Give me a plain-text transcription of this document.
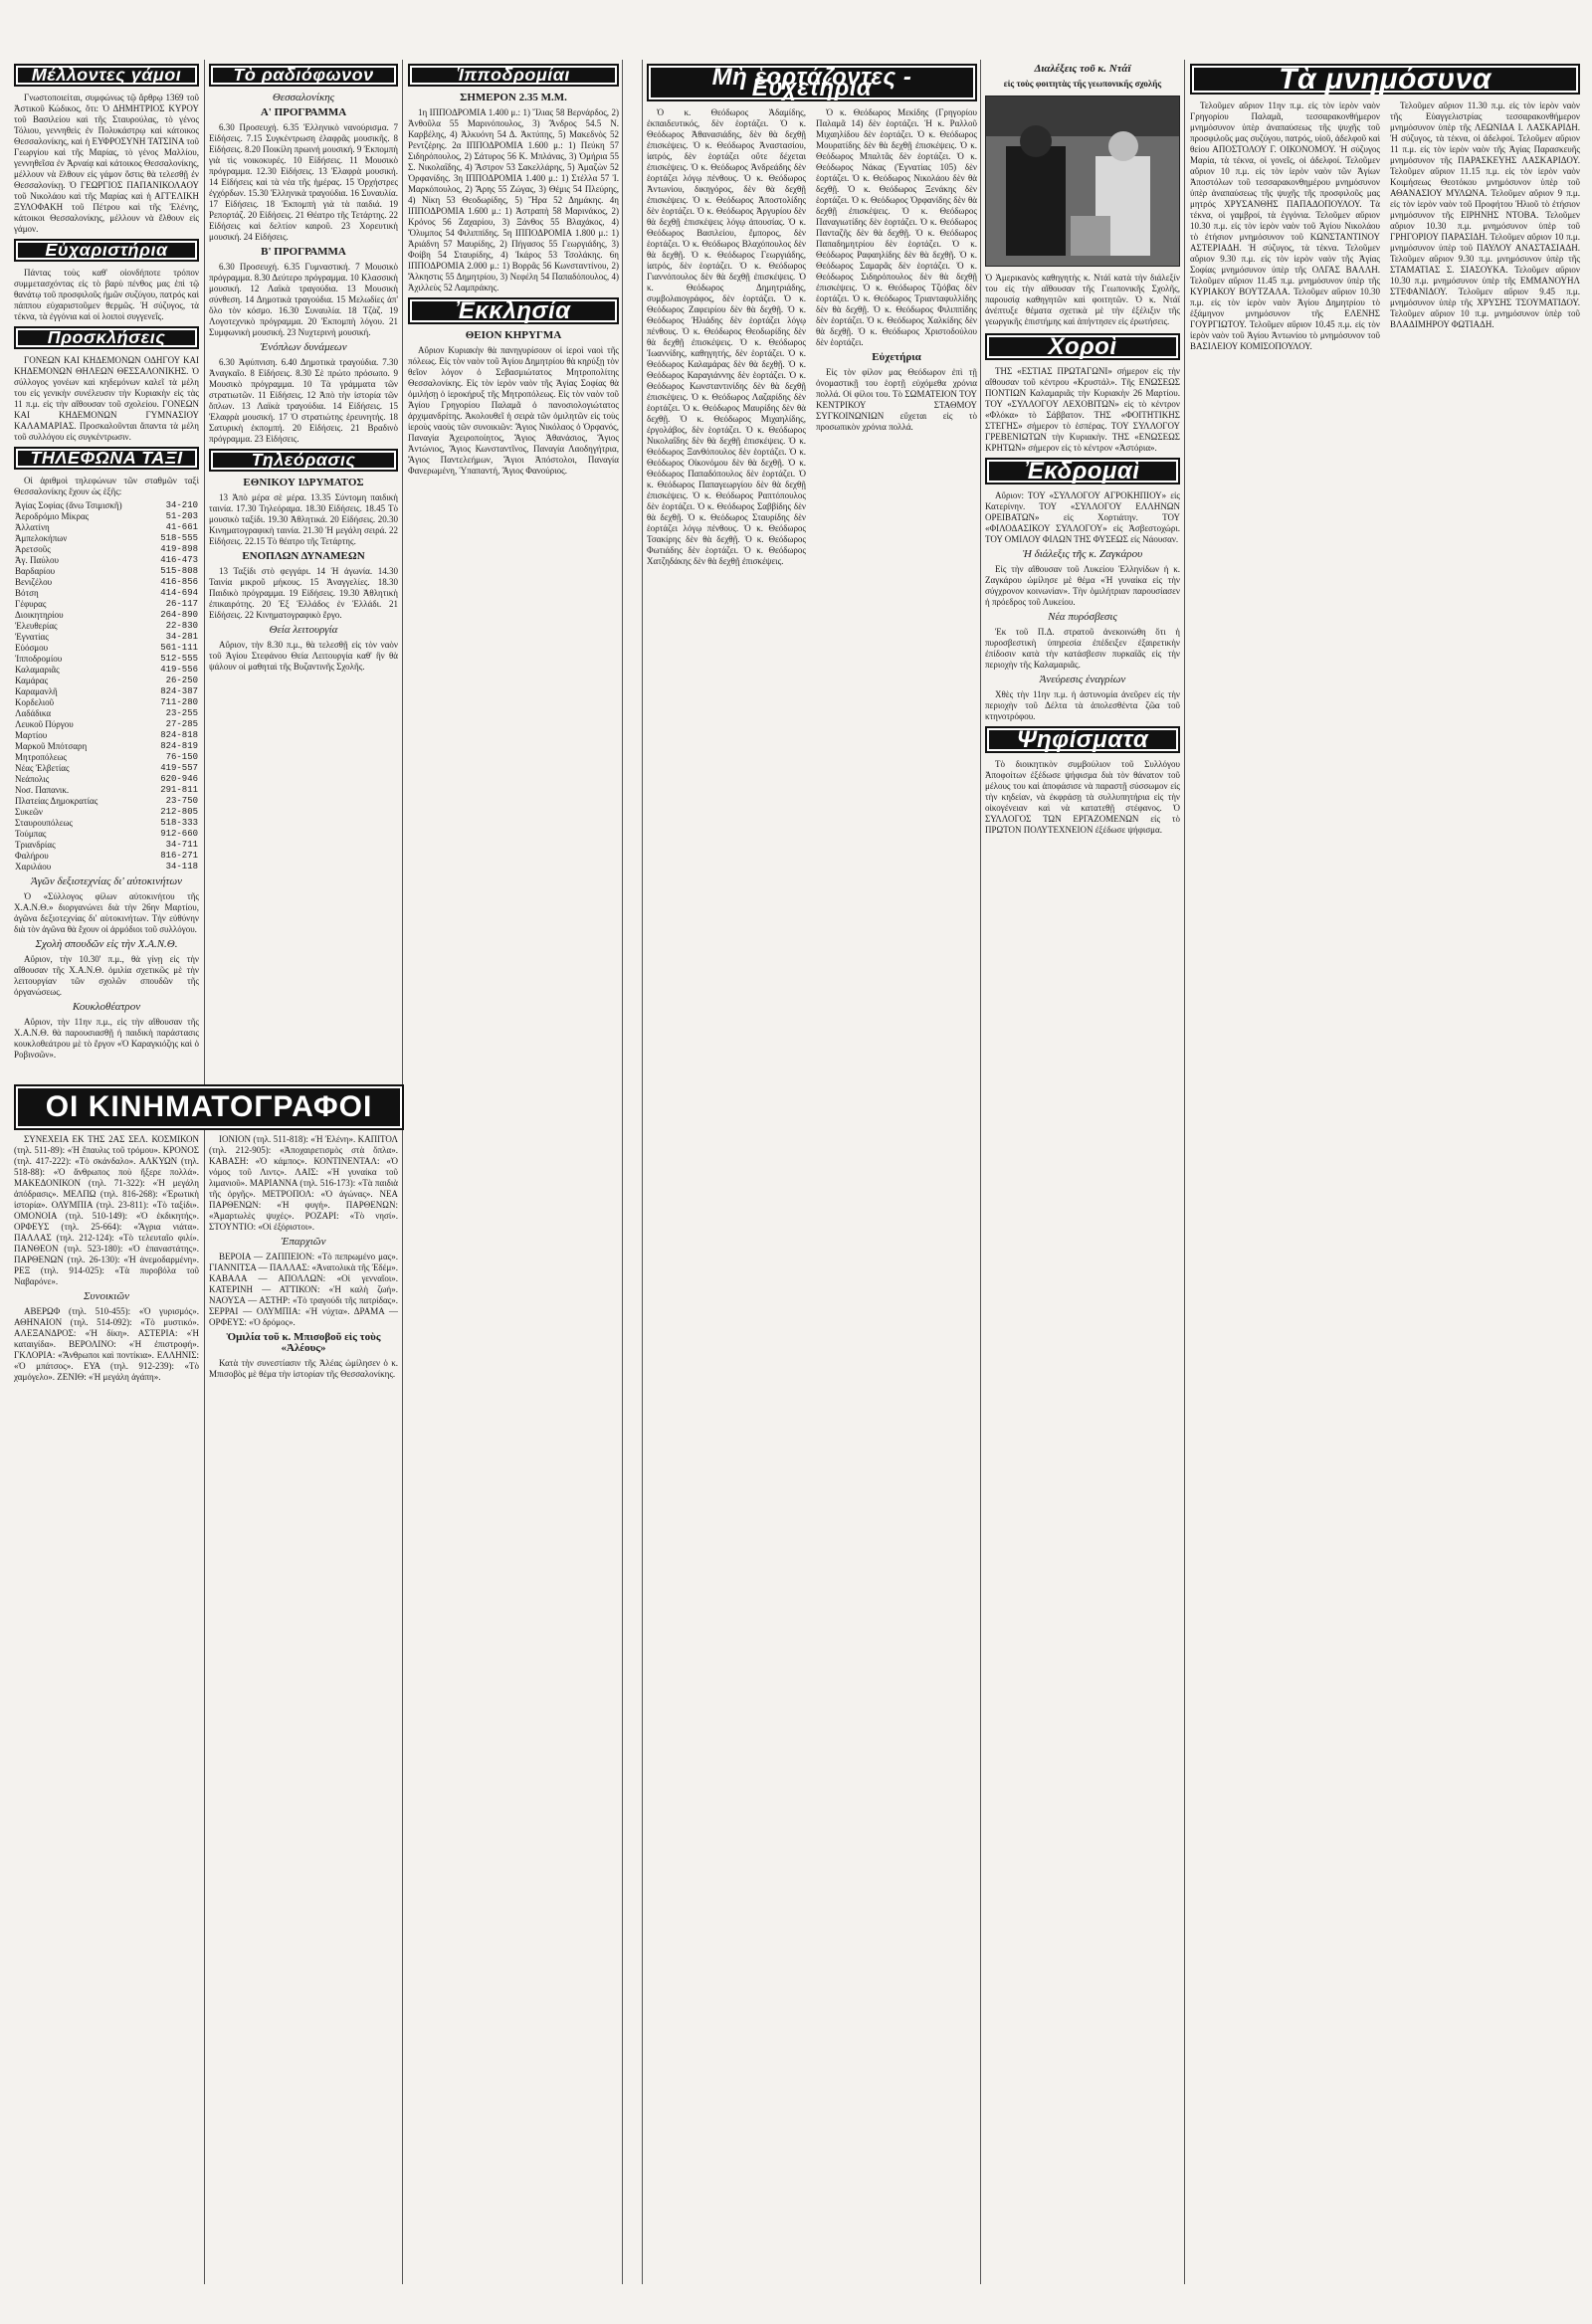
Μέλλοντες γάμοι
Γνωστοποιείται, συμφώνως τῷ ἄρθρῳ 1369 τοῦ Ἀστικοῦ Κώδικος, ὅτι: Ὁ ΔΗΜΗΤΡΙΟΣ ΚΥΡΟΥ τοῦ Βασιλείου καὶ τῆς Σταυρούλας, τὸ γένος Τόλιου, γεννηθεὶς ἐν Πολυκάστρῳ καὶ κάτοικος Θεσσαλονίκης, καὶ ἡ ΕΥΦΡΟΣΥΝΗ ΤΑΤΣΙΝΑ τοῦ Γεωργίου καὶ τῆς Μαρίας, τὸ γένος Μαλλίου, γεννηθεῖσα ἐν Ἀρναίᾳ καὶ κάτοικος Θεσσαλονίκης, μέλλουν νὰ ἔλθουν εἰς γάμον ὅστις θὰ τελεσθῇ ἐν Θεσσαλονίκῃ. Ὁ ΓΕΩΡΓΙΟΣ ΠΑΠΑΝΙΚΟΛΑΟΥ τοῦ Νικολάου καὶ τῆς Μαρίας καὶ ἡ ΑΓΓΕΛΙΚΗ ΞΥΛΟΦΑΚΗ τοῦ Πέτρου καὶ τῆς Ἐλένης, κάτοικοι Θεσσαλονίκης, μέλλουν νὰ ἔλθουν εἰς γάμον.
Εὐχαριστήρια
Πάντας τοὺς καθ' οἱονδήποτε τρόπον συμμετασχόντας εἰς τὸ βαρὺ πένθος μας ἐπὶ τῷ θανάτῳ τοῦ προσφιλοῦς ἡμῶν συζύγου, πατρός καὶ πάππου εὐχαριστοῦμεν θερμῶς. Ἡ σύζυγος, τὰ τέκνα, τὰ ἐγγόνια καὶ οἱ λοιποὶ συγγενεῖς.
Προσκλήσεις
ΓΟΝΕΩΝ ΚΑΙ ΚΗΔΕΜΟΝΩΝ ΟΔΗΓΟΥ ΚΑΙ ΚΗΔΕΜΟΝΩΝ ΘΗΛΕΩΝ ΘΕΣΣΑΛΟΝΙΚΗΣ. Ὁ σύλλογος γονέων καὶ κηδεμόνων καλεῖ τὰ μέλη του εἰς γενικὴν συνέλευσιν τὴν Κυριακὴν εἰς τὰς 11 π.μ. εἰς τὴν αἴθουσαν τοῦ σχολείου. ΓΟΝΕΩΝ ΚΑΙ ΚΗΔΕΜΟΝΩΝ ΓΥΜΝΑΣΙΟΥ ΚΑΛΑΜΑΡΙΑΣ. Προσκαλοῦνται ἅπαντα τὰ μέλη τοῦ συλλόγου εἰς συγκέντρωσιν.
ΤΗΛΕΦΩΝΑ ΤΑΞΙ
Οἱ ἀριθμοὶ τηλεφώνων τῶν σταθμῶν ταξὶ Θεσσαλονίκης ἔχουν ὡς ἑξῆς:
Ἁγίας Σοφίας (ἄνω Τσιμισκῆ)	34-210
Ἀεροδρόμιο Μίκρας	51-203
Ἀλλατίνη	41-661
Ἀμπελοκήπων	518-555
Ἀρετσοῦς	419-898
Ἁγ. Παύλου	416-473
Βαρδαρίου	515-808
Βενιζέλου	416-856
Βότση	414-694
Γέφυρας	26-117
Διοικητηρίου	264-890
Ἑλευθερίας	22-830
Ἐγνατίας	34-281
Εὐόσμου	561-111
Ἰπποδρομίου	512-555
Καλαμαριᾶς	419-556
Καμάρας	26-250
Καραμανλῆ	824-387
Κορδελιοῦ	711-280
Λαδάδικα	23-255
Λευκοῦ Πύργου	27-285
Μαρτίου	824-818
Μαρκοῦ Μπότσαρη	824-819
Μητροπόλεως	76-150
Νέας Ἐλβετίας	419-557
Νεάπολις	620-946
Νοσ. Παπανικ.	291-811
Πλατείας Δημοκρατίας	23-750
Συκεῶν	212-805
Σταυρουπόλεως	518-333
Τούμπας	912-660
Τριανδρίας	34-711
Φαλήρου	816-271
Χαριλάου	34-118
Ἀγῶν δεξιοτεχνίας δι' αὐτοκινήτων
Ὁ «Σύλλογος φίλων αὐτοκινήτου τῆς Χ.Α.Ν.Θ.» διοργανώνει διὰ τὴν 26ην Μαρτίου, ἀγῶνα δεξιοτεχνίας δι' αὐτοκινήτων. Τὴν εὐθύνην διὰ τὸν ἀγῶνα θὰ ἔχουν οἱ ἀρμόδιοι τοῦ συλλόγου.
Σχολὴ σπουδῶν εἰς τὴν Χ.Α.Ν.Θ.
Αὔριον, τὴν 10.30' π.μ., θὰ γίνῃ εἰς τὴν αἴθουσαν τῆς Χ.Α.Ν.Θ. ὁμιλία σχετικῶς μὲ τὴν λειτουργίαν τῶν σχολῶν σπουδῶν τῆς ὀργανώσεως.
Κουκλοθέατρον
Αὔριον, τὴν 11ην π.μ., εἰς τὴν αἴθουσαν τῆς Χ.Α.Ν.Θ. θὰ παρουσιασθῇ ἡ παιδικὴ παράστασις κουκλοθεάτρου μὲ τὸ ἔργον «Ὁ Καραγκιόζης καὶ ὁ Ροβινσῶν».
Τὸ ραδιόφωνον
Θεσσαλονίκης
Α' ΠΡΟΓΡΑΜΜΑ
6.30 Προσευχή. 6.35 Ἑλληνικὸ νανούρισμα. 7 Εἰδήσεις. 7.15 Συγκέντρωση ἐλαφρᾶς μουσικῆς. 8 Εἰδήσεις. 8.20 Ποικίλη πρωινή μουσική. 9 Ἐκπομπὴ γιὰ τὶς νοικοκυρές. 10 Εἰδήσεις. 11 Μουσικὸ πρόγραμμα. 12.30 Εἰδήσεις. 13 Ἐλαφρὰ μουσική. 14 Εἰδήσεις καὶ τὰ νέα τῆς ἡμέρας. 15 Ὀρχήστρες ἐγχόρδων. 15.30 Ἑλληνικὰ τραγούδια. 16 Συναυλία. 17 Εἰδήσεις. 18 Ἐκπομπὴ γιὰ τὰ παιδιά. 19 Ρεπορτάζ. 20 Εἰδήσεις. 21 Θέατρο τῆς Τετάρτης. 22 Εἰδήσεις καὶ δελτίον καιροῦ. 23 Χορευτικὴ μουσική. 24 Εἰδήσεις.
Β' ΠΡΟΓΡΑΜΜΑ
6.30 Προσευχή. 6.35 Γυμναστική. 7 Μουσικὸ πρόγραμμα. 8.30 Δεύτερο πρόγραμμα. 10 Κλασσικὴ μουσική. 12 Λαϊκὰ τραγούδια. 13 Μουσικὴ σύνθεση. 14 Δημοτικὰ τραγούδια. 15 Μελωδίες ἀπ' ὅλο τὸν κόσμο. 16.30 Συναυλία. 18 Τζὰζ. 19 Λογοτεχνικὸ πρόγραμμα. 20 Ἐκπομπὴ λόγου. 21 Συμφωνικὴ μουσική. 23 Νυχτερινὴ μουσική.
Ἐνόπλων δυνάμεων
6.30 Ἀφύπνιση. 6.40 Δημοτικὰ τραγούδια. 7.30 Ἀναγκαῖο. 8 Εἰδήσεις. 8.30 Σὲ πρώτο πρόσωπο. 9 Μουσικὸ πρόγραμμα. 10 Τὰ γράμματα τῶν στρατιωτῶν. 11 Εἰδήσεις. 12 Ἀπὸ τὴν ἰστορία τῶν ὅπλων. 13 Λαϊκὰ τραγούδια. 14 Εἰδήσεις. 15 Ἐλαφρὰ μουσική. 17 Ὁ στρατιώτης ἐρευνητής. 18 Σατυρικὴ ἐκπομπή. 20 Εἰδήσεις. 21 Βραδινὸ πρόγραμμα. 23 Εἰδήσεις.
Τηλεόρασις
ΕΘΝΙΚΟΥ ΙΔΡΥΜΑΤΟΣ
13 Ἀπὸ μέρα σὲ μέρα. 13.35 Σύντομη παιδικὴ ταινία. 17.30 Τηλεόραμα. 18.30 Εἰδήσεις. 18.45 Τὸ μουσικὸ ταξίδι. 19.30 Ἀθλητικά. 20 Εἰδήσεις. 20.30 Κινηματογραφικὴ ταινία. 21.30 Ἡ μεγάλη σειρά. 22 Εἰδήσεις. 22.15 Τὸ θέατρο τῆς Τετάρτης.
ΕΝΟΠΛΩΝ ΔΥΝΑΜΕΩΝ
13 Ταξίδι στὸ φεγγάρι. 14 Ἡ ἀγωνία. 14.30 Ταινία μικροῦ μήκους. 15 Ἀναγγελίες. 18.30 Παιδικὸ πρόγραμμα. 19 Εἰδήσεις. 19.30 Ἀθλητικὴ ἐπικαιρότης. 20 Ἐξ Ἑλλάδος ἐν Ἑλλάδι. 21 Εἰδήσεις. 22 Κινηματογραφικὸ ἔργο.
Θεία λειτουργία
Αὔριον, τὴν 8.30 π.μ., θὰ τελεσθῇ εἰς τὸν ναὸν τοῦ Ἁγίου Στεφάνου Θεία Λειτουργία καθ' ἣν θὰ ψάλουν οἱ μαθηταὶ τῆς Βυζαντινῆς Σχολῆς.
ΟΙ ΚΙΝΗΜΑΤΟΓΡΑΦΟΙ
ΣΥΝΕΧΕΙΑ ΕΚ ΤΗΣ 2ΑΣ ΣΕΛ. ΚΟΣΜΙΚΟΝ (τηλ. 511-89): «Ἡ ἔπαυλις τοῦ τρόμου». ΚΡΟΝΟΣ (τηλ. 417-222): «Τὸ σκάνδαλο». ΑΛΚΥΩΝ (τηλ. 518-88): «Ὁ ἄνθρωπος ποὺ ἤξερε πολλά». ΜΑΚΕΔΟΝΙΚΟΝ (τηλ. 71-322): «Ἡ μεγάλη ἀπόδρασις». ΜΕΛΠΩ (τηλ. 816-268): «Ἐρωτικὴ ἱστορία». ΟΛΥΜΠΙΑ (τηλ. 23-811): «Τὸ ταξίδι». ΟΜΟΝΟΙΑ (τηλ. 510-149): «Ὁ ἐκδικητής». ΟΡΦΕΥΣ (τηλ. 25-664): «Ἄγρια νιάτα». ΠΑΛΛΑΣ (τηλ. 212-124): «Τὸ τελευταῖο φιλί». ΠΑΝΘΕΟΝ (τηλ. 523-180): «Ὁ ἐπαναστάτης». ΠΑΡΘΕΝΩΝ (τηλ. 26-130): «Ἡ ἀνεμοδαρμένη». ΡΕΞ (τηλ. 914-025): «Τὰ πυροβόλα τοῦ Ναβαρόνε».
Συνοικιῶν
ΑΒΕΡΩΦ (τηλ. 510-455): «Ὁ γυρισμός». ΑΘΗΝΑΙΟΝ (τηλ. 514-092): «Τὸ μυστικό». ΑΛΕΞΑΝΔΡΟΣ: «Ἡ δίκη». ΑΣΤΕΡΙΑ: «Ἡ καταιγίδα». ΒΕΡΟΛΙΝΟ: «Ἡ ἐπιστροφή». ΓΚΛΟΡΙΑ: «Ἄνθρωποι καὶ ποντίκια». ΕΛΛΗΝΙΣ: «Ὁ μπάτσος». ΕΥΑ (τηλ. 912-239): «Τὸ χαμόγελο». ΖΕΝΙΘ: «Ἡ μεγάλη ἀγάπη».
ΙΟΝΙΟΝ (τηλ. 511-818): «Ἡ Ἐλένη». ΚΑΠΙΤΟΛ (τηλ. 212-905): «Ἀποχαιρετισμὸς στὰ ὅπλα». ΚΑΒΑΣΗ: «Ὁ κάμπος». ΚΟΝΤΙΝΕΝΤΑΛ: «Ὁ νόμος τοῦ Λιντς». ΛΑΙΣ: «Ἡ γυναίκα τοῦ λιμανιοῦ». ΜΑΡΙΑΝΝΑ (τηλ. 516-173): «Τὰ παιδιὰ τῆς ὀργῆς». ΜΕΤΡΟΠΟΛ: «Ὁ ἀγώνας». ΝΕΑ ΠΑΡΘΕΝΩΝ: «Ἡ φυγή». ΠΑΡΘΕΝΩΝ: «Ἀμαρτωλὲς ψυχές». ΡΟΖΑΡΙ: «Τὸ νησί». ΣΤΟΥΝΤΙΟ: «Οἱ ἐξόριστοι».
Ἐπαρχιῶν
ΒΕΡΟΙΑ — ΖΑΠΠΕΙΟΝ: «Τὸ πεπρωμένο μας». ΓΙΑΝΝΙΤΣΑ — ΠΑΛΛΑΣ: «Ἀνατολικὰ τῆς Ἐδέμ». ΚΑΒΑΛΑ — ΑΠΟΛΛΩΝ: «Οἱ γενναῖοι». ΚΑΤΕΡΙΝΗ — ΑΤΤΙΚΟΝ: «Ἡ καλὴ ζωή». ΝΑΟΥΣΑ — ΑΣΤΗΡ: «Τὸ τραγούδι τῆς πατρίδας». ΣΕΡΡΑΙ — ΟΛΥΜΠΙΑ: «Ἡ νύχτα». ΔΡΑΜΑ — ΟΡΦΕΥΣ: «Ὁ δρόμος».
Ὁμιλία τοῦ κ. Μπισοβοῦ εἰς τοὺς «Ἀλέους»
Κατὰ τὴν συνεστίασιν τῆς Ἀλέας ὡμίλησεν ὁ κ. Μπισοβὸς μὲ θέμα τὴν ἱστορίαν τῆς Θεσσαλονίκης.
Ἱπποδρομίαι
ΣΗΜΕΡΟΝ 2.35 Μ.Μ.
1η ΙΠΠΟΔΡΟΜΙΑ 1.400 μ.: 1) Ἴλιας 58 Βερνάρδος, 2) Ἀνθοῦλα 55 Μαρινόπουλος, 3) Ἄνδρος 54.5 Ν. Καρβέλης, 4) Ἀλκυόνη 54 Δ. Ἀκτύπης, 5) Μακεδνὸς 52 Ρεντζέρης. 2α ΙΠΠΟΔΡΟΜΙΑ 1.600 μ.: 1) Πεύκη 57 Σιδηρόπουλος, 2) Σάτυρος 56 Κ. Μπλάνας, 3) Ὀμήρια 55 Σ. Νικολαΐδης, 4) Ἄστρον 53 Σακελλάρης, 5) Ἀμαζὼν 52 Ὀρφανίδης. 3η ΙΠΠΟΔΡΟΜΙΑ 1.400 μ.: 1) Στέλλα 57 Ἰ. Μαρκόπουλος, 2) Ἄρης 55 Ζώγας, 3) Θέμις 54 Πλεύρης, 4) Νίκη 53 Θεοδωρίδης, 5) Ἥρα 52 Δημάκης. 4η ΙΠΠΟΔΡΟΜΙΑ 1.600 μ.: 1) Ἀστραπὴ 58 Μαρινάκος, 2) Κρόνος 56 Ζαχαρίου, 3) Ξάνθος 55 Βλαχάκος, 4) Ὄλυμπος 54 Φιλιππίδης. 5η ΙΠΠΟΔΡΟΜΙΑ 1.800 μ.: 1) Ἀριάδνη 57 Μαυρίδης, 2) Πήγασος 55 Γεωργιάδης, 3) Φοίβη 54 Σταυρίδης, 4) Ἰκάρος 53 Τσολάκης. 6η ΙΠΠΟΔΡΟΜΙΑ 2.000 μ.: 1) Βορρᾶς 56 Κωνσταντίνου, 2) Ἄλκηστις 55 Δημητρίου, 3) Νεφέλη 54 Παπαδόπουλος, 4) Ἀχιλλεὺς 52 Λαμπράκης.
Ἐκκλησία
ΘΕΙΟΝ ΚΗΡΥΓΜΑ
Αὔριον Κυριακὴν θὰ πανηγυρίσουν οἱ ἱεροὶ ναοὶ τῆς πόλεως. Εἰς τὸν ναὸν τοῦ Ἁγίου Δημητρίου θὰ κηρύξῃ τὸν θεῖον λόγον ὁ Σεβασμιώτατος Μητροπολίτης Θεσσαλονίκης. Εἰς τὸν ἱερὸν ναὸν τῆς Ἁγίας Σοφίας θὰ ὁμιλήσῃ ὁ ἱεροκήρυξ τῆς Μητροπόλεως. Εἰς τὸν ναὸν τοῦ Ἁγίου Γρηγορίου Παλαμᾶ ὁ πανοσιολογιώτατος ἀρχιμανδρίτης. Ἀκολουθεῖ ἡ σειρὰ τῶν ὁμιλητῶν εἰς τοὺς ἱεροὺς ναοὺς τῶν συνοικιῶν: Ἅγιος Νικόλαος ὁ Ὀρφανός, Παναγία Ἀχειροποίητος, Ἅγιος Ἀθανάσιος, Ἅγιος Ἀντώνιος, Ἅγιος Κωνσταντῖνος, Παναγία Λαοδηγήτρια, Ἅγιος Παντελεήμων, Ἅγιοι Ἀπόστολοι, Παναγία Φανερωμένη, Ὑπαπαντή, Ἅγιος Φανούριος.
Μὴ ἑορτάζοντες - Εὐχετήρια
Ὁ κ. Θεόδωρος Ἀδαμίδης, ἐκπαιδευτικός, δὲν ἑορτάζει. Ὁ κ. Θεόδωρος Ἀθανασιάδης, δὲν θὰ δεχθῇ ἐπισκέψεις. Ὁ κ. Θεόδωρος Ἀναστασίου, ἰατρός, δὲν ἑορτάζει οὔτε δέχεται ἐπισκέψεις. Ὁ κ. Θεόδωρος Ἀνδρεάδης δὲν ἑορτάζει λόγῳ πένθους. Ὁ κ. Θεόδωρος Ἀντωνίου, δικηγόρος, δὲν θὰ δεχθῇ ἐπισκέψεις. Ὁ κ. Θεόδωρος Ἀποστολίδης δὲν ἑορτάζει. Ὁ κ. Θεόδωρος Ἀργυρίου δὲν θὰ δεχθῇ ἐπισκέψεις λόγῳ ἀπουσίας. Ὁ κ. Θεόδωρος Βασιλείου, ἔμπορος, δὲν ἑορτάζει. Ὁ κ. Θεόδωρος Βλαχόπουλος δὲν θὰ δεχθῇ. Ὁ κ. Θεόδωρος Γεωργιάδης, ἰατρός, δὲν ἑορτάζει. Ὁ κ. Θεόδωρος Γιαννόπουλος δὲν θὰ δεχθῇ ἐπισκέψεις. Ὁ κ. Θεόδωρος Δημητριάδης, συμβολαιογράφος, δὲν ἑορτάζει. Ὁ κ. Θεόδωρος Ζαφειρίου δὲν θὰ δεχθῇ. Ὁ κ. Θεόδωρος Ἠλιάδης δὲν ἑορτάζει λόγῳ πένθους. Ὁ κ. Θεόδωρος Θεοδωρίδης δὲν θὰ δεχθῇ ἐπισκέψεις. Ὁ κ. Θεόδωρος Ἰωαννίδης, καθηγητής, δὲν ἑορτάζει. Ὁ κ. Θεόδωρος Καλαμάρας δὲν θὰ δεχθῇ. Ὁ κ. Θεόδωρος Καραγιάννης δὲν ἑορτάζει. Ὁ κ. Θεόδωρος Κωνσταντινίδης δὲν θὰ δεχθῇ ἐπισκέψεις. Ὁ κ. Θεόδωρος Λαζαρίδης δὲν ἑορτάζει. Ὁ κ. Θεόδωρος Μαυρίδης δὲν θὰ δεχθῇ. Ὁ κ. Θεόδωρος Μιχαηλίδης, ἐργολάβος, δὲν ἑορτάζει. Ὁ κ. Θεόδωρος Νικολαΐδης δὲν θὰ δεχθῇ ἐπισκέψεις. Ὁ κ. Θεόδωρος Ξανθόπουλος δὲν ἑορτάζει. Ὁ κ. Θεόδωρος Οἰκονόμου δὲν θὰ δεχθῇ. Ὁ κ. Θεόδωρος Παπαδόπουλος δὲν ἑορτάζει. Ὁ κ. Θεόδωρος Παπαγεωργίου δὲν θὰ δεχθῇ ἐπισκέψεις. Ὁ κ. Θεόδωρος Ραπτόπουλος δὲν ἑορτάζει. Ὁ κ. Θεόδωρος Σαββίδης δὲν θὰ δεχθῇ. Ὁ κ. Θεόδωρος Σταυρίδης δὲν ἑορτάζει λόγῳ πένθους. Ὁ κ. Θεόδωρος Τσακίρης δὲν θὰ δεχθῇ. Ὁ κ. Θεόδωρος Φωτιάδης δὲν ἑορτάζει. Ὁ κ. Θεόδωρος Χατζηδάκης δὲν θὰ δεχθῇ ἐπισκέψεις.
Ὁ κ. Θεόδωρος Μεκίδης (Γρηγορίου Παλαμᾶ 14) δὲν ἑορτάζει. Ἡ κ. Ραλλοῦ Μιχαηλίδου δὲν ἑορτάζει. Ὁ κ. Θεόδωρος Μουρατίδης δὲν θὰ δεχθῇ ἐπισκέψεις. Ὁ κ. Θεόδωρος Μπαλτᾶς δὲν ἑορτάζει. Ὁ κ. Θεόδωρος Νάκας (Ἐγνατίας 105) δὲν ἑορτάζει. Ὁ κ. Θεόδωρος Νικολάου δὲν θὰ δεχθῇ. Ὁ κ. Θεόδωρος Ξενάκης δὲν ἑορτάζει. Ὁ κ. Θεόδωρος Ὀρφανίδης δὲν θὰ δεχθῇ ἐπισκέψεις. Ὁ κ. Θεόδωρος Παναγιωτίδης δὲν ἑορτάζει. Ὁ κ. Θεόδωρος Πανταζῆς δὲν θὰ δεχθῇ. Ὁ κ. Θεόδωρος Παπαδημητρίου δὲν ἑορτάζει. Ὁ κ. Θεόδωρος Ραφαηλίδης δὲν θὰ δεχθῇ. Ὁ κ. Θεόδωρος Σαμαρᾶς δὲν ἑορτάζει. Ὁ κ. Θεόδωρος Σιδηρόπουλος δὲν θὰ δεχθῇ ἐπισκέψεις. Ὁ κ. Θεόδωρος Τζιόβας δὲν ἑορτάζει. Ὁ κ. Θεόδωρος Τριανταφυλλίδης δὲν θὰ δεχθῇ. Ὁ κ. Θεόδωρος Φιλιππίδης δὲν ἑορτάζει. Ὁ κ. Θεόδωρος Χαλκίδης δὲν θὰ δεχθῇ. Ὁ κ. Θεόδωρος Χριστοδούλου δὲν ἑορτάζει.
Εὐχετήρια
Εἰς τὸν φίλον μας Θεόδωρον ἐπὶ τῇ ὀνομαστικῇ του ἑορτῇ εὐχόμεθα χρόνια πολλά. Οἱ φίλοι του. Τὸ ΣΩΜΑΤΕΙΟΝ ΤΟΥ ΚΕΝΤΡΙΚΟΥ ΣΤΑΘΜΟΥ ΣΥΓΚΟΙΝΩΝΙΩΝ εὔχεται εἰς τὸ προσωπικὸν χρόνια πολλά.
Διαλέξεις τοῦ κ. Ντάϊ
εἰς τοὺς φοιτητὰς τῆς γεωπονικῆς σχολῆς
Ὁ Ἀμερικανὸς καθηγητὴς κ. Ντάϊ κατὰ τὴν διάλεξίν του εἰς τὴν αἴθουσαν τῆς Γεωπονικῆς Σχολῆς, παρουσίᾳ καθηγητῶν καὶ φοιτητῶν. Ὁ κ. Ντάϊ ἀνέπτυξε θέματα σχετικὰ μὲ τὴν ἐξέλιξιν τῆς γεωργικῆς ἐπιστήμης καὶ ἀπήντησεν εἰς ἐρωτήσεις.
Χοροὶ
ΤΗΣ «ΕΣΤΙΑΣ ΠΡΩΤΑΓΩΝΙ» σήμερον εἰς τὴν αἴθουσαν τοῦ κέντρου «Κρυστάλ». Τῆς ΕΝΩΣΕΩΣ ΠΟΝΤΙΩΝ Καλαμαριᾶς τὴν Κυριακὴν 26 Μαρτίου. ΤΟΥ «ΣΥΛΛΟΓΟΥ ΛΕΧΟΒΙΤΩΝ» εἰς τὸ κέντρον «Φλόκα» τὸ Σάββατον. ΤΗΣ «ΦΟΙΤΗΤΙΚΗΣ ΣΤΕΓΗΣ» σήμερον τὸ ἑσπέρας. ΤΟΥ ΣΥΛΛΟΓΟΥ ΓΡΕΒΕΝΙΩΤΩΝ τὴν Κυριακὴν. ΤΗΣ «ΕΝΩΣΕΩΣ ΚΡΗΤΩΝ» σήμερον εἰς τὸ κέντρον «Ἀστόρια».
Ἐκδρομαὶ
Αὔριον: ΤΟΥ «ΣΥΛΛΟΓΟΥ ΑΓΡΟΚΗΠΙΟΥ» εἰς Κατερίνην. ΤΟΥ «ΣΥΛΛΟΓΟΥ ΕΛΛΗΝΩΝ ΟΡΕΙΒΑΤΩΝ» εἰς Χορτιάτην. ΤΟΥ «ΦΙΛΟΔΑΣΙΚΟΥ ΣΥΛΛΟΓΟΥ» εἰς Ἀσβεστοχώρι. ΤΟΥ ΟΜΙΛΟΥ ΦΙΛΩΝ ΤΗΣ ΦΥΣΕΩΣ εἰς Νάουσαν.
Ἡ διάλεξις τῆς κ. Ζαγκάρου
Εἰς τὴν αἴθουσαν τοῦ Λυκείου Ἑλληνίδων ἡ κ. Ζαγκάρου ὡμίλησε μὲ θέμα «Ἡ γυναίκα εἰς τὴν σύγχρονον κοινωνίαν». Τὴν ὁμιλήτριαν παρουσίασεν ἡ πρόεδρος τοῦ Λυκείου.
Νέα πυρόσβεσις
Ἐκ τοῦ Π.Δ. στρατοῦ ἀνεκοινώθη ὅτι ἡ πυροσβεστικὴ ὑπηρεσία ἐπέδειξεν ἐξαιρετικὴν ἐπίδοσιν κατὰ τὴν κατάσβεσιν πυρκαϊᾶς εἰς τὴν περιοχὴν τῆς Καλαμαριᾶς.
Ἀνεύρεσις ἐναγρίων
Χθὲς τὴν 11ην π.μ. ἡ ἀστυνομία ἀνεῦρεν εἰς τὴν περιοχὴν τοῦ Δέλτα τὰ ἀπολεσθέντα ζῶα τοῦ κτηνοτρόφου.
Ψηφίσματα
Τὸ διοικητικὸν συμβούλιον τοῦ Συλλόγου Ἀποφοίτων ἐξέδωσε ψήφισμα διὰ τὸν θάνατον τοῦ μέλους του καὶ ἀποφάσισε νὰ παραστῇ σύσσωμον εἰς τὴν κηδείαν, νὰ ἐκφράσῃ τὰ συλλυπητήρια εἰς τὴν οἰκογένειαν καὶ νὰ κατατεθῇ στέφανος. Ὁ ΣΥΛΛΟΓΟΣ ΤΩΝ ΕΡΓΑΖΟΜΕΝΩΝ εἰς τὸ ΠΡΩΤΟΝ ΠΟΛΥΤΕΧΝΕΙΟΝ ἐξέδωσε ψήφισμα.
Τὰ μνημόσυνα
Τελοῦμεν αὔριον 11ην π.μ. εἰς τὸν ἱερὸν ναὸν Γρηγορίου Παλαμᾶ, τεσσαρακονθήμερον μνημόσυνον ὑπὲρ ἀναπαύσεως τῆς ψυχῆς τοῦ προσφιλοῦς μας συζύγου, πατρός, υἱοῦ, ἀδελφοῦ καὶ θείου ΑΠΟΣΤΟΛΟΥ Γ. ΟΙΚΟΝΟΜΟΥ. Ἡ σύζυγος Μαρία, τὰ τέκνα, οἱ γονεῖς, οἱ ἀδελφοί. Τελοῦμεν αὔριον 10 π.μ. εἰς τὸν ἱερὸν ναὸν τῶν Ἁγίων Ἀποστόλων τοῦ τεσσαρακονθημέρου μνημόσυνον ὑπὲρ ἀναπαύσεως τῆς ψυχῆς τῆς προσφιλοῦς μας μητρός ΧΡΥΣΑΝΘΗΣ ΠΑΠΑΔΟΠΟΥΛΟΥ. Τὰ τέκνα, οἱ γαμβροί, τὰ ἐγγόνια. Τελοῦμεν αὔριον 10.30 π.μ. εἰς τὸν ἱερὸν ναὸν τοῦ Ἁγίου Νικολάου τὸ ἐτήσιον μνημόσυνον τοῦ ΚΩΝΣΤΑΝΤΙΝΟΥ ΑΣΤΕΡΙΑΔΗ. Ἡ σύζυγος, τὰ τέκνα. Τελοῦμεν αὔριον 9.30 π.μ. εἰς τὸν ἱερὸν ναὸν τῆς Ἁγίας Σοφίας μνημόσυνον ὑπὲρ τῆς ΟΛΓΑΣ ΒΑΛΛΗ. Τελοῦμεν αὔριον 11.45 π.μ. μνημόσυνον ὑπὲρ τῆς ΚΥΡΙΑΚΟΥ ΒΟΥΤΖΑΛΑ. Τελοῦμεν αὔριον 10.30 π.μ. εἰς τὸν ἱερὸν ναὸν Ἁγίου Δημητρίου τὸ ἑξάμηνον μνημόσυνον τῆς ΕΛΕΝΗΣ ΓΟΥΡΓΙΩΤΟΥ. Τελοῦμεν αὔριον 10.45 π.μ. εἰς τὸν ἱερὸν ναὸν τοῦ Ἁγίου Ἀντωνίου τὸ μνημόσυνον τοῦ ΒΑΣΙΛΕΙΟΥ ΚΟΜΙΣΟΠΟΥΛΟΥ.
Τελοῦμεν αὔριον 11.30 π.μ. εἰς τὸν ἱερὸν ναὸν τῆς Εὐαγγελιστρίας τεσσαρακονθήμερον μνημόσυνον ὑπὲρ τῆς ΛΕΩΝΙΔΑ Ι. ΛΑΣΚΑΡΙΔΗ. Ἡ σύζυγος, τὰ τέκνα, οἱ ἀδελφοί. Τελοῦμεν αὔριον 11 π.μ. εἰς τὸν ἱερὸν ναὸν τῆς Ἁγίας Παρασκευῆς μνημόσυνον τῆς ΠΑΡΑΣΚΕΥΗΣ ΛΑΣΚΑΡΙΔΟΥ. Τελοῦμεν αὔριον 11.15 π.μ. εἰς τὸν ἱερὸν ναὸν Κοιμήσεως Θεοτόκου μνημόσυνον ὑπὲρ τοῦ ΑΘΑΝΑΣΙΟΥ ΜΥΛΩΝΑ. Τελοῦμεν αὔριον 9 π.μ. εἰς τὸν ἱερὸν ναὸν τοῦ Προφήτου Ἠλιοῦ τὸ ἐτήσιον μνημόσυνον τῆς ΕΙΡΗΝΗΣ ΝΤΟΒΑ. Τελοῦμεν αὔριον 10.30 π.μ. μνημόσυνον ὑπὲρ τοῦ ΓΡΗΓΟΡΙΟΥ ΠΑΡΑΣΙΔΗ. Τελοῦμεν αὔριον 10 π.μ. μνημόσυνον ὑπὲρ τοῦ ΠΑΥΛΟΥ ΑΝΑΣΤΑΣΙΑΔΗ. Τελοῦμεν αὔριον 9.30 π.μ. μνημόσυνον ὑπὲρ τῆς ΣΤΑΜΑΤΙΑΣ Σ. ΣΙΑΣΟΥΚΑ. Τελοῦμεν αὔριον 10.30 π.μ. μνημόσυνον ὑπὲρ τῆς ΕΜΜΑΝΟΥΗΛ ΣΤΕΦΑΝΙΔΟΥ. Τελοῦμεν αὔριον 9.45 π.μ. μνημόσυνον ὑπὲρ τῆς ΧΡΥΣΗΣ ΤΣΟΥΜΑΤΙΔΟΥ. Τελοῦμεν αὔριον 10 π.μ. μνημόσυνον ὑπὲρ τοῦ ΒΛΑΔΙΜΗΡΟΥ ΦΩΤΙΑΔΗ.
